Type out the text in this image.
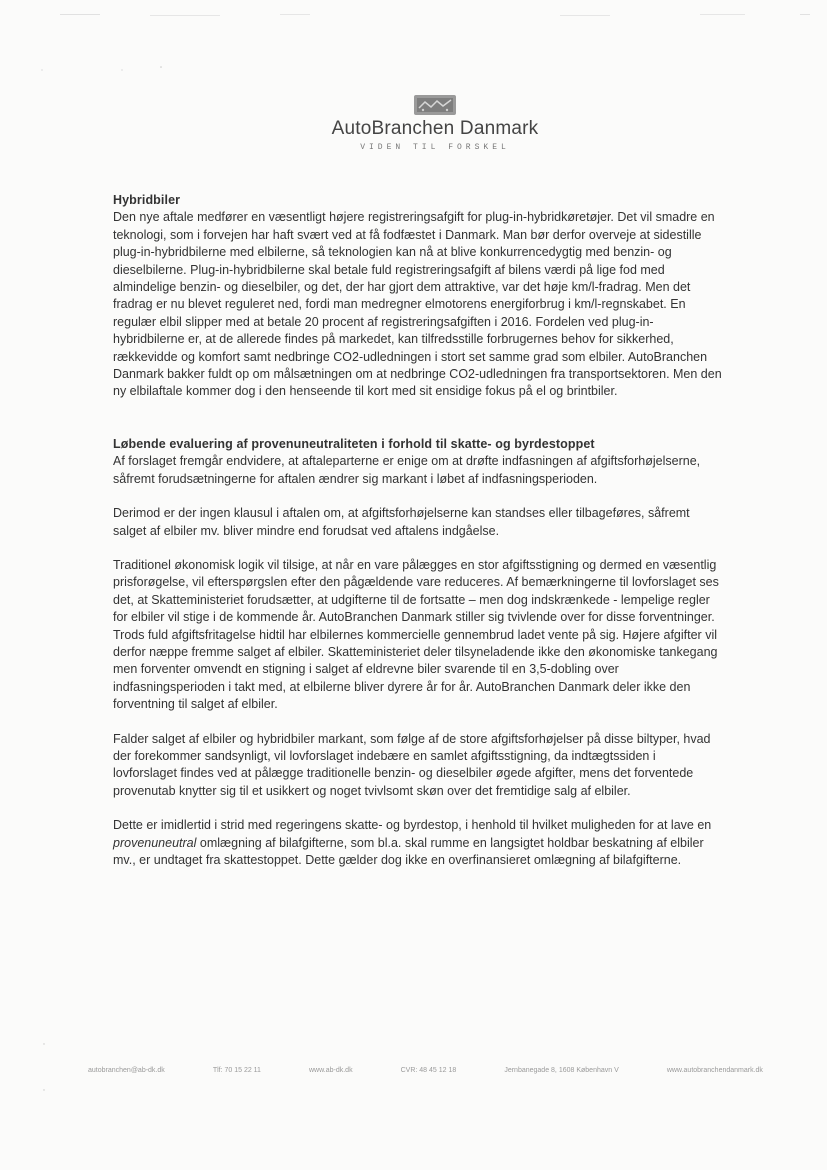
AutoBranchen Danmark
VIDEN TIL FORSKEL
Hybridbiler

Den nye aftale medfører en væsentligt højere registreringsafgift for plug-in-hybridkøretøjer. Det vil smadre en teknologi, som i forvejen har haft svært ved at få fodfæstet i Danmark. Man bør derfor overveje at sidestille plug-in-hybridbilerne med elbilerne, så teknologien kan nå at blive konkurrencedygtig med benzin- og dieselbilerne. Plug-in-hybridbilerne skal betale fuld registreringsafgift af bilens værdi på lige fod med almindelige benzin- og dieselbiler, og det, der har gjort dem attraktive, var det høje km/l-fradrag. Men det fradrag er nu blevet reguleret ned, fordi man medregner elmotorens energiforbrug i km/l-regnskabet. En regulær elbil slipper med at betale 20 procent af registreringsafgiften i 2016. Fordelen ved plug-in-hybridbilerne er, at de allerede findes på markedet, kan tilfredsstille forbrugernes behov for sikkerhed, rækkevidde og komfort samt nedbringe CO2-udledningen i stort set samme grad som elbiler. AutoBranchen Danmark bakker fuldt op om målsætningen om at nedbringe CO2-udledningen fra transportsektoren. Men den ny elbilaftale kommer dog i den henseende til kort med sit ensidige fokus på el og brintbiler.

Løbende evaluering af provenuneutraliteten i forhold til skatte- og byrdestoppet

Af forslaget fremgår endvidere, at aftaleparterne er enige om at drøfte indfasningen af afgiftsforhøjelserne, såfremt forudsætningerne for aftalen ændrer sig markant i løbet af indfasningsperioden.

Derimod er der ingen klausul i aftalen om, at afgiftsforhøjelserne kan standses eller tilbageføres, såfremt salget af elbiler mv. bliver mindre end forudsat ved aftalens indgåelse.

Traditionel økonomisk logik vil tilsige, at når en vare pålægges en stor afgiftsstigning og dermed en væsentlig prisforøgelse, vil efterspørgslen efter den pågældende vare reduceres. Af bemærkningerne til lovforslaget ses det, at Skatteministeriet forudsætter, at udgifterne til de fortsatte – men dog indskrænkede - lempelige regler for elbiler vil stige i de kommende år. AutoBranchen Danmark stiller sig tvivlende over for disse forventninger. Trods fuld afgiftsfritagelse hidtil har elbilernes kommercielle gennembrud ladet vente på sig. Højere afgifter vil derfor næppe fremme salget af elbiler. Skatteministeriet deler tilsyneladende ikke den økonomiske tankegang men forventer omvendt en stigning i salget af eldrevne biler svarende til en 3,5-dobling over indfasningsperioden i takt med, at elbilerne bliver dyrere år for år. AutoBranchen Danmark deler ikke den forventning til salget af elbiler.

Falder salget af elbiler og hybridbiler markant, som følge af de store afgiftsforhøjelser på disse biltyper, hvad der forekommer sandsynligt, vil lovforslaget indebære en samlet afgiftsstigning, da indtægtssiden i lovforslaget findes ved at pålægge traditionelle benzin- og dieselbiler øgede afgifter, mens det forventede provenutab knytter sig til et usikkert og noget tvivlsomt skøn over det fremtidige salg af elbiler.

Dette er imidlertid i strid med regeringens skatte- og byrdestop, i henhold til hvilket muligheden for at lave en provenuneutral omlægning af bilafgifterne, som bl.a. skal rumme en langsigtet holdbar beskatning af elbiler mv., er undtaget fra skattestoppet. Dette gælder dog ikke en overfinansieret omlægning af bilafgifterne.

autobranchen@ab-dk.dk	Tlf: 70 15 22 11	www.ab-dk.dk	CVR: 48 45 12 18	Jernbanegade 8, 1608 København V	www.autobranchendanmark.dk
